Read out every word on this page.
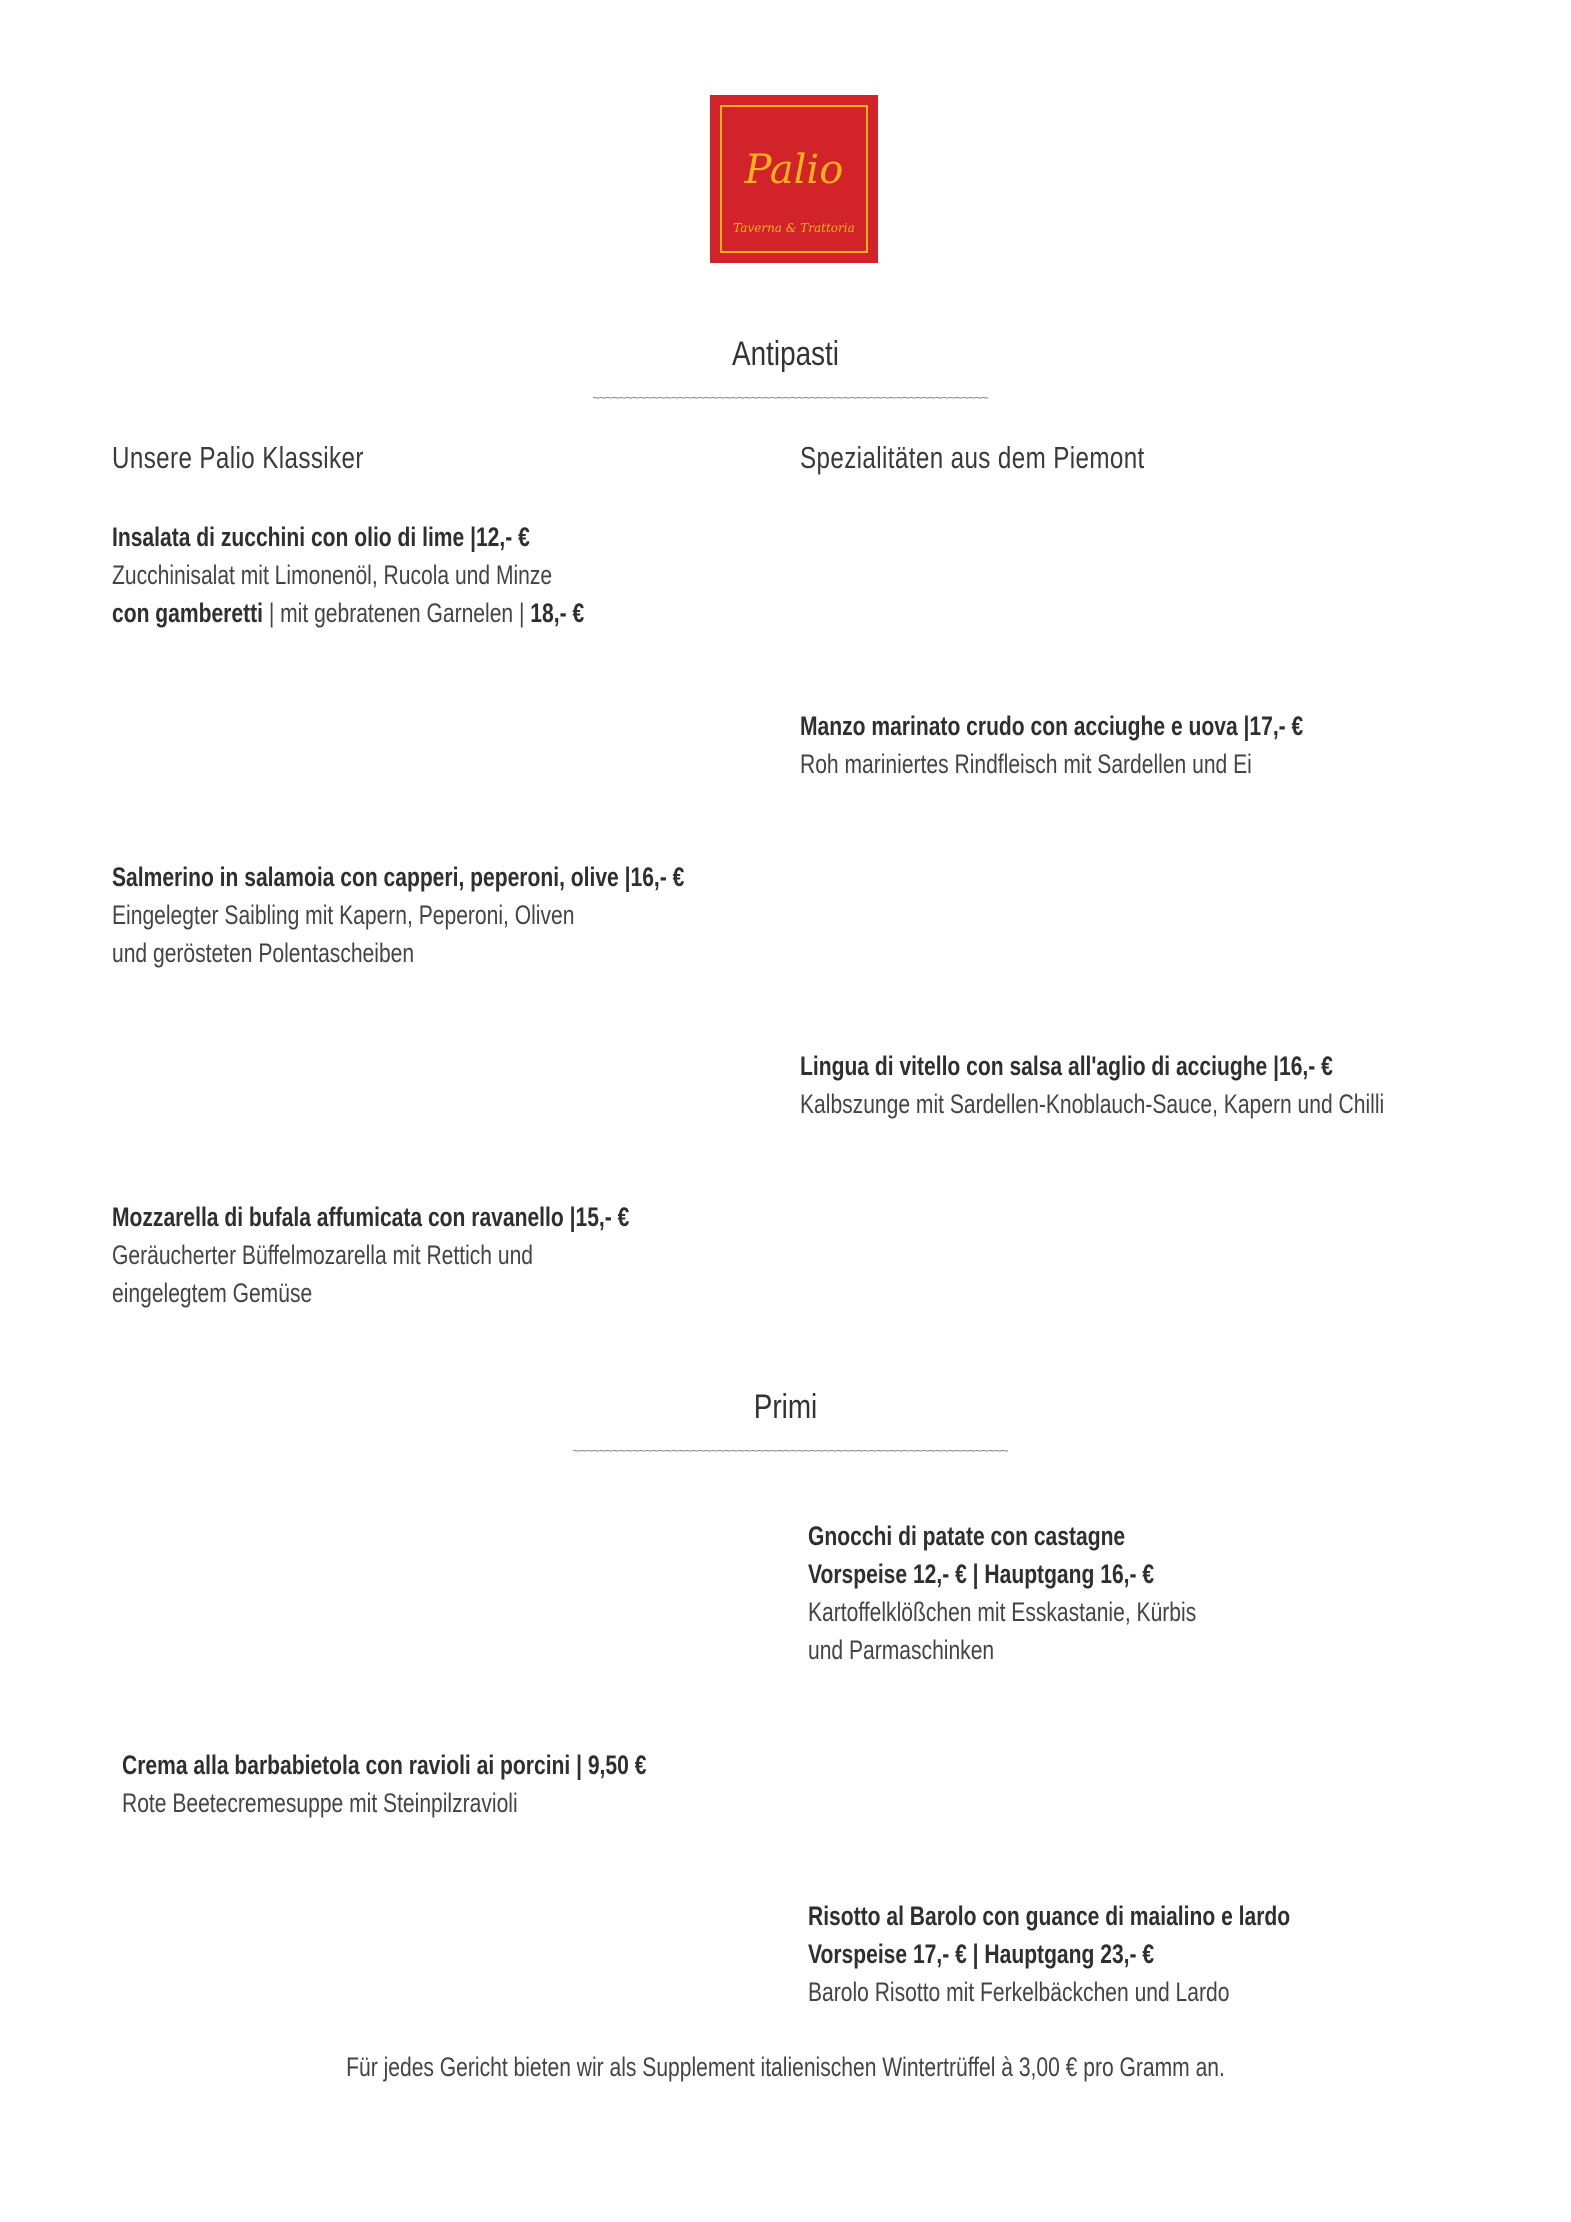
Palio
Taverna & Trattoria
Antipasti
~~~~~~~~~~~~~~~~~~~~~~~~~~~~~~~~~~~~~~~~~~~~~~~~~~~~~~~~~~~~
Unsere Palio Klassiker	Spezialitäten aus dem Piemont
Insalata di zucchini con olio di lime |12,- €
Zucchinisalat mit Limonenöl, Rucola und Minze
con gamberetti | mit gebratenen Garnelen | 18,- €
Manzo marinato crudo con acciughe e uova |17,- €
Roh mariniertes Rindfleisch mit Sardellen und Ei
Salmerino in salamoia con capperi, peperoni, olive |16,- €
Eingelegter Saibling mit Kapern, Peperoni, Oliven
und gerösteten Polentascheiben
Lingua di vitello con salsa all'aglio di acciughe |16,- €
Kalbszunge mit Sardellen-Knoblauch-Sauce, Kapern und Chilli
Mozzarella di bufala affumicata con ravanello |15,- €
Geräucherter Büffelmozarella mit Rettich und
eingelegtem Gemüse
Primi
~~~~~~~~~~~~~~~~~~~~~~~~~~~~~~~~~~~~~~~~~~~~~~~~~~~~~~~~~~~~~~~~~~
Gnocchi di patate con castagne
Vorspeise 12,- € | Hauptgang 16,- €
Kartoffelklößchen mit Esskastanie, Kürbis
und Parmaschinken
Crema alla barbabietola con ravioli ai porcini | 9,50 €
Rote Beetecremesuppe mit Steinpilzravioli
Risotto al Barolo con guance di maialino e lardo
Vorspeise 17,- € | Hauptgang 23,- €
Barolo Risotto mit Ferkelbäckchen und Lardo
Für jedes Gericht bieten wir als Supplement italienischen Wintertrüffel à 3,00 € pro Gramm an.
